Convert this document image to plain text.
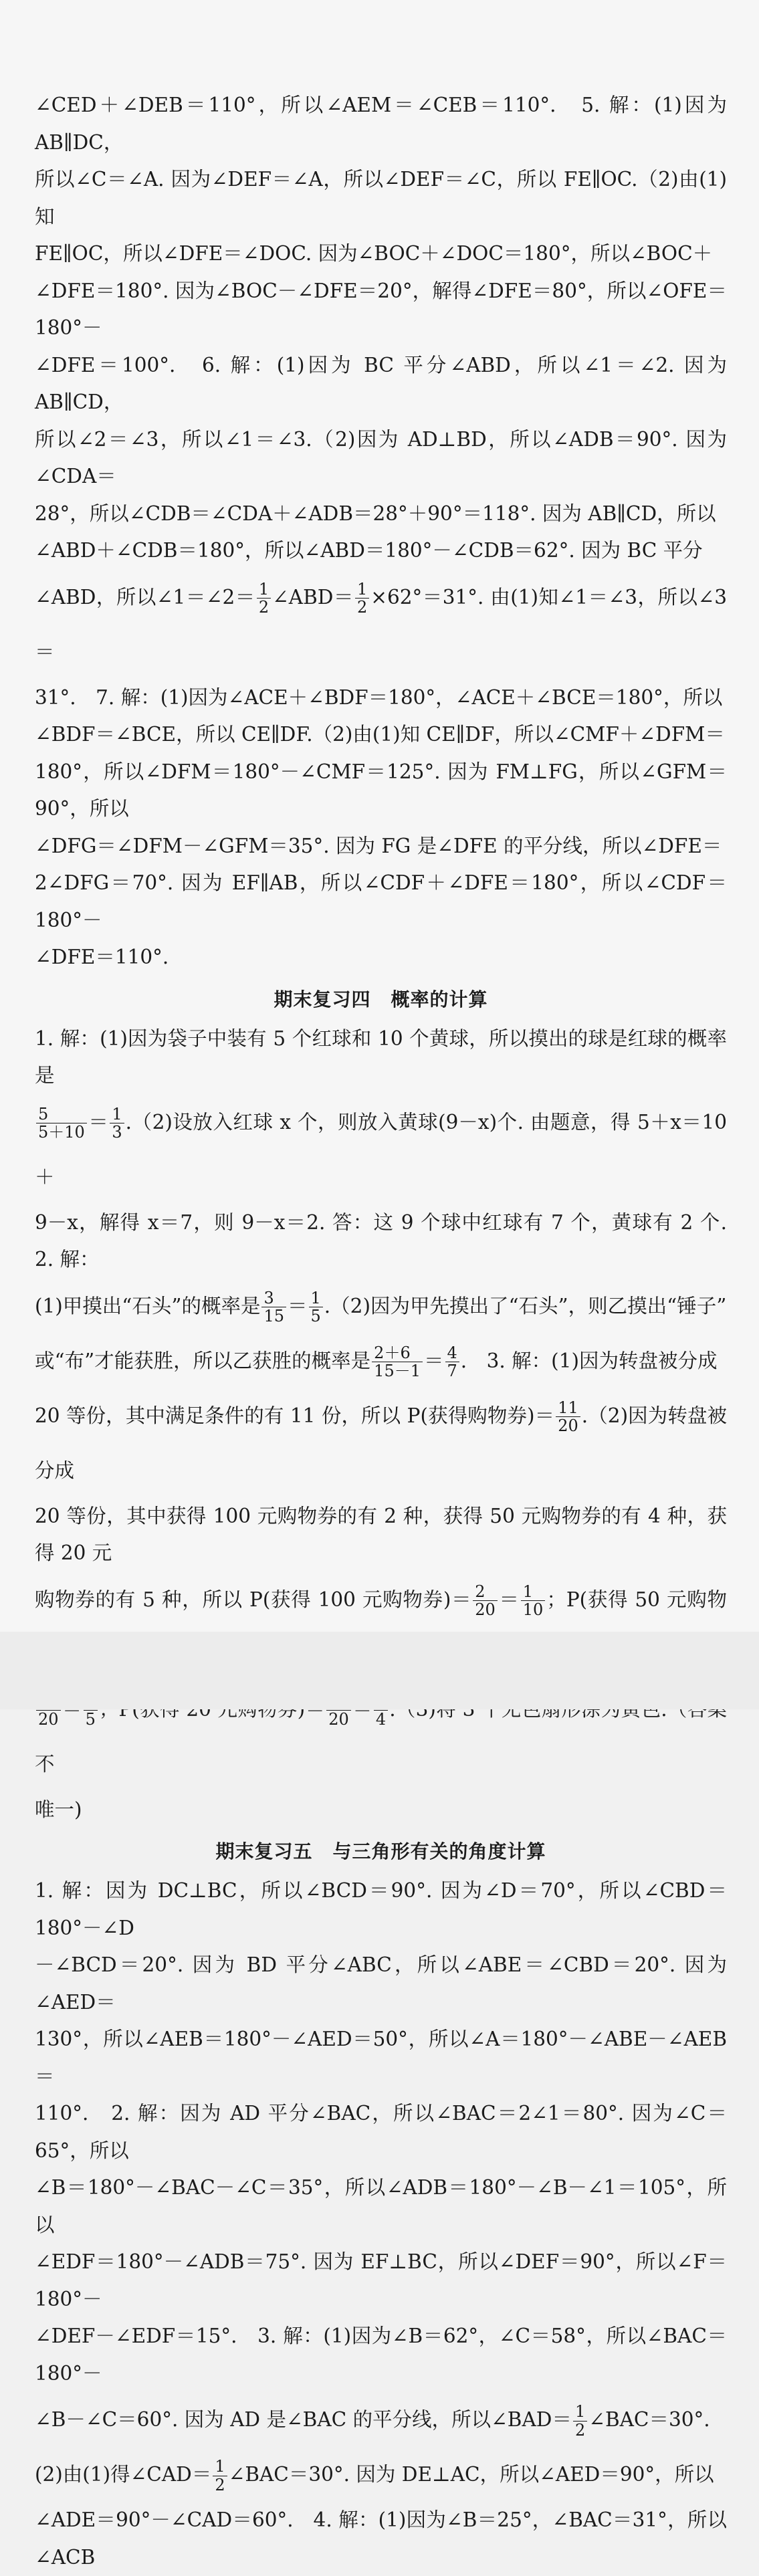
∠CED＋∠DEB＝110°，所以∠AEM＝∠CEB＝110°.　5. 解：(1)因为 AB∥DC，

所以∠C＝∠A. 因为∠DEF＝∠A，所以∠DEF＝∠C，所以 FE∥OC.（2)由(1)知

FE∥OC，所以∠DFE＝∠DOC. 因为∠BOC＋∠DOC＝180°，所以∠BOC＋

∠DFE＝180°. 因为∠BOC－∠DFE＝20°，解得∠DFE＝80°，所以∠OFE＝180°－

∠DFE＝100°.　6. 解：(1)因为 BC 平分∠ABD，所以∠1＝∠2. 因为 AB∥CD，

所以∠2＝∠3，所以∠1＝∠3.（2)因为 AD⊥BD，所以∠ADB＝90°. 因为∠CDA＝

28°，所以∠CDB＝∠CDA＋∠ADB＝28°＋90°＝118°. 因为 AB∥CD，所以

∠ABD＋∠CDB＝180°，所以∠ABD＝180°－∠CDB＝62°. 因为 BC 平分

∠ABD，所以∠1＝∠2＝ $\frac{1}{2}$ ∠ABD＝ $\frac{1}{2} \times 62^\circ=31^\circ$. 由(1)知∠1＝∠3，所以∠3＝

31°.　7. 解：(1)因为∠ACE＋∠BDF＝180°，∠ACE＋∠BCE＝180°，所以

∠BDF＝∠BCE，所以 CE∥DF.（2)由(1)知 CE∥DF，所以∠CMF＋∠DFM＝

180°，所以∠DFM＝180°－∠CMF＝125°. 因为 FM⊥FG，所以∠GFM＝90°，所以

∠DFG＝∠DFM－∠GFM＝35°. 因为 FG 是∠DFE 的平分线，所以∠DFE＝

2∠DFG＝70°. 因为 EF∥AB，所以∠CDF＋∠DFE＝180°，所以∠CDF＝180°－

∠DFE＝110°.

期末复习四 概率的计算

1. 解：(1)因为袋子中装有 5 个红球和 10 个黄球，所以摸出的球是红球的概率是

$\frac{5}{5+10} = \frac{1}{3} .(2)$设放入红球 x 个，则放入黄球(9－x)个. 由题意，得 5＋x＝10＋

9－x，解得 x＝7，则 9－x＝2. 答：这 9 个球中红球有 7 个，黄球有 2 个.　2. 解：

(1)甲摸出“石头”的概率是 $\frac{3}{15} = \frac{1}{5} .(2)$因为甲先摸出了“石头”，则乙摸出“锤子”

或“布”才能获胜，所以乙获胜的概率是 $\frac{2+6}{15-1} = \frac{4}{7}$ .　3. 解：(1)因为转盘被分成

20 等份，其中满足条件的有 11 份，所以 P(获得购物券)＝ $\frac{11}{20} .(2)$因为转盘被分成

20 等份，其中获得 100 元购物券的有 2 种，获得 50 元购物券的有 4 种，获得 20 元

购物券的有 5 种，所以 P(获得 100 元购物券)＝ $\frac{2}{20} = \frac{1}{10}$ ；P(获得 50 元购物

20 5	20 4
不

唯一)

期末复习五 与三角形有关的角度计算

1. 解：因为 DC⊥BC，所以∠BCD＝90°. 因为∠D＝70°，所以∠CBD＝180°－∠D

－∠BCD＝20°. 因为 BD 平分∠ABC，所以∠ABE＝∠CBD＝20°. 因为∠AED＝

130°，所以∠AEB＝180°－∠AED＝50°，所以∠A＝180°－∠ABE－∠AEB＝

110°.　2. 解：因为 AD 平分∠BAC，所以∠BAC＝2∠1＝80°. 因为∠C＝65°，所以

∠B＝180°－∠BAC－∠C＝35°，所以∠ADB＝180°－∠B－∠1＝105°，所以

∠EDF＝180°－∠ADB＝75°. 因为 EF⊥BC，所以∠DEF＝90°，所以∠F＝180°－

∠DEF－∠EDF＝15°.　3. 解：(1)因为∠B＝62°，∠C＝58°，所以∠BAC＝180°－

∠B－∠C＝60°. 因为 AD 是∠BAC 的平分线，所以∠BAD＝ $\frac{1}{2}$ ∠BAC＝30°.

(2)由(1)得∠CAD＝ $\frac{1}{2}$ ∠BAC＝30°. 因为 DE⊥AC，所以∠AED＝90°，所以

∠ADE＝90°－∠CAD＝60°.　4. 解：(1)因为∠B＝25°，∠BAC＝31°，所以∠ACB
